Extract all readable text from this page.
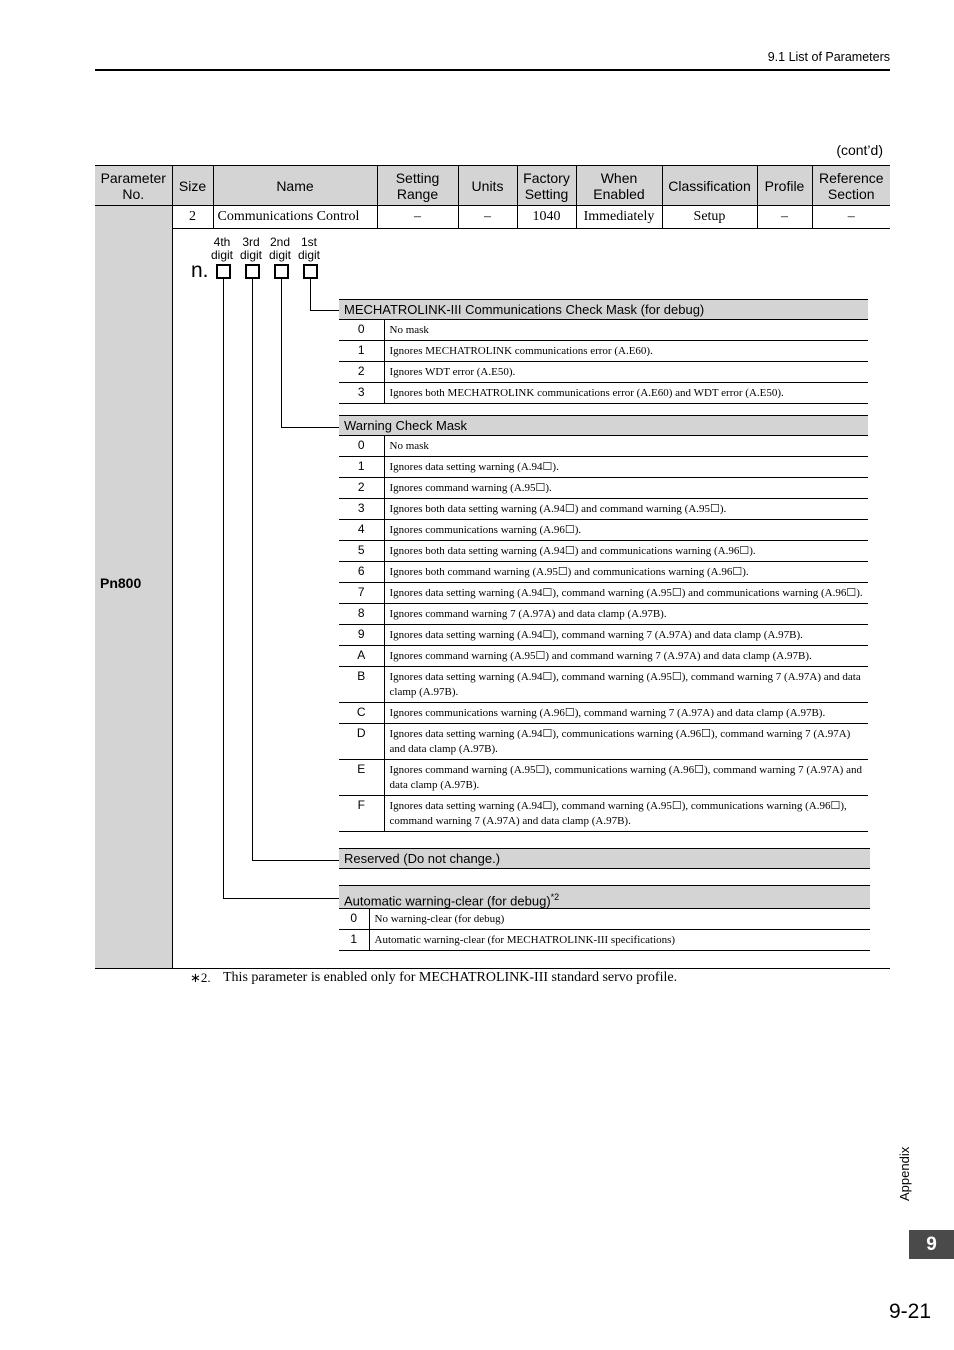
9.1 List of Parameters
(cont’d)
Pn800
Parameter No.	Size	Name	Setting Range	Units	Factory Setting	When Enabled	Classification	Profile	Reference Section
	2	Communications Control	–	–	1040	Immediately	Setup	–	–
4th
digit
3rd
digit
2nd
digit
1st
digit
n.
MECHATROLINK-III Communications Check Mask (for debug)
0	No mask
1	Ignores MECHATROLINK communications error (A.E60).
2	Ignores WDT error (A.E50).
3	Ignores both MECHATROLINK communications error (A.E60) and WDT error (A.E50).
Warning Check Mask
0	No mask
1	Ignores data setting warning (A.94☐).
2	Ignores command warning (A.95☐).
3	Ignores both data setting warning (A.94☐) and command warning (A.95☐).
4	Ignores communications warning (A.96☐).
5	Ignores both data setting warning (A.94☐) and communications warning (A.96☐).
6	Ignores both command warning (A.95☐) and communications warning (A.96☐).
7	Ignores data setting warning (A.94☐), command warning (A.95☐) and communications warning (A.96☐).
8	Ignores command warning 7 (A.97A) and data clamp (A.97B).
9	Ignores data setting warning (A.94☐), command warning 7 (A.97A) and data clamp (A.97B).
A	Ignores command warning (A.95☐) and command warning 7 (A.97A) and data clamp (A.97B).
B	Ignores data setting warning (A.94☐), command warning (A.95☐), command warning 7 (A.97A) and data clamp (A.97B).
C	Ignores communications warning (A.96☐), command warning 7 (A.97A) and data clamp (A.97B).
D	Ignores data setting warning (A.94☐), communications warning (A.96☐), command warning 7 (A.97A) and data clamp (A.97B).
E	Ignores command warning (A.95☐), communications warning (A.96☐), command warning 7 (A.97A) and data clamp (A.97B).
F	Ignores data setting warning (A.94☐), command warning (A.95☐), communications warning (A.96☐), command warning 7 (A.97A) and data clamp (A.97B).
Reserved (Do not change.)
Automatic warning-clear (for debug)$^{*2}$
0	No warning-clear (for debug)
1	Automatic warning-clear (for MECHATROLINK-III specifications)
∗2. This parameter is enabled only for MECHATROLINK-III standard servo profile.
Appendix
9
9-21
